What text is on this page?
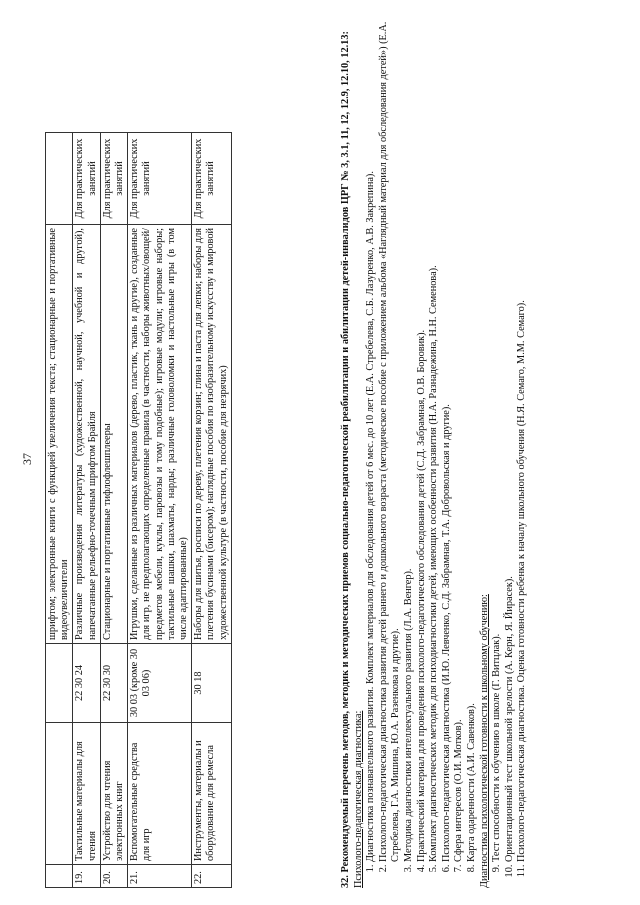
37
			шрифтом; электронные книги с функцией увеличения текста; стационарные и портативные видеоувеличители	
19.	Тактильные материалы для чтения	22 30 24	Различные произведения литературы (художественной, научной, учебной и другой), напечатанные рельефно-точечным шрифтом Брайля	Для практических занятий
20.	Устройство для чтения электронных книг	22 30 30	Стационарные и портативные тифлофлешплееры	Для практических занятий
21.	Вспомогательные средства для игр	30 03 (кроме 30 03 06)	Игрушки, сделанные из различных материалов (дерево, пластик, ткань и другие), созданные для игр, не предполагающих определенные правила (в частности, наборы животных/овощей/предметов мебели, куклы, паровозы и тому подобные); игровые модули; игровые наборы; тактильные шашки, шахматы, нарды; различные головоломки и настольные игры (в том числе адаптированные)	Для практических занятий
22.	Инструменты, материалы и оборудование для ремесла	30 18	Наборы для шитья, росписи по дереву, плетения корзин; глина и паста для лепки; наборы для плетения бусинами (бисером); наглядные пособия по изобразительному искусству и мировой художественной культуре (в частности, пособие для незрячих)	Для практических занятий	32. Рекомендуемый перечень методов, методик и методических приемов социально-педагогической реабилитации и абилитации детей-инвалидов ЦРГ № 3, 3.1, 11, 12, 12.9, 12.10, 12.13: Психолого-педагогическая диагностика: 1. Диагностика познавательного развития. Комплект материалов для обследования детей от 6 мес. до 10 лет (Е.А. Стребелева, С.Б. Лазуренко, А.В. Закрепина). 2. Психолого-педагогическая диагностика развития детей раннего и дошкольного возраста (методическое пособие с приложением альбома «Наглядный материал для обследования детей») (Е.А. Стребелева, Г.А. Мишина, Ю.А. Разенкова и другие). 3. Методика диагностики интеллектуального развития (Л.А. Венгер). 4. Практический материал для проведения психолого-педагогического обследования детей (С.Д. Забрамная, О.В. Боровик). 5. Комплект диагностических методик для психодиагностики детей, имеющих особенности развития (Н.А. Разнадежина, Н.Н. Семенова). 6. Психолого-педагогическая диагностика (И.Ю. Левченко, С.Д. Забрамная, Т.А. Добровольская и другие). 7. Сфера интересов (О.И. Мотков). 8. Карта одаренности (А.И. Савенков). Диагностика психологической готовности к школьному обучению: 9. Тест способности к обучению в школе (Г. Витцлак). 10. Ориентационный тест школьной зрелости (А. Керн, Я. Йирасек). 11. Психолого-педагогическая диагностика. Оценка готовности ребенка к началу школьного обучения (Н.Я. Семаго, М.М. Семаго).
